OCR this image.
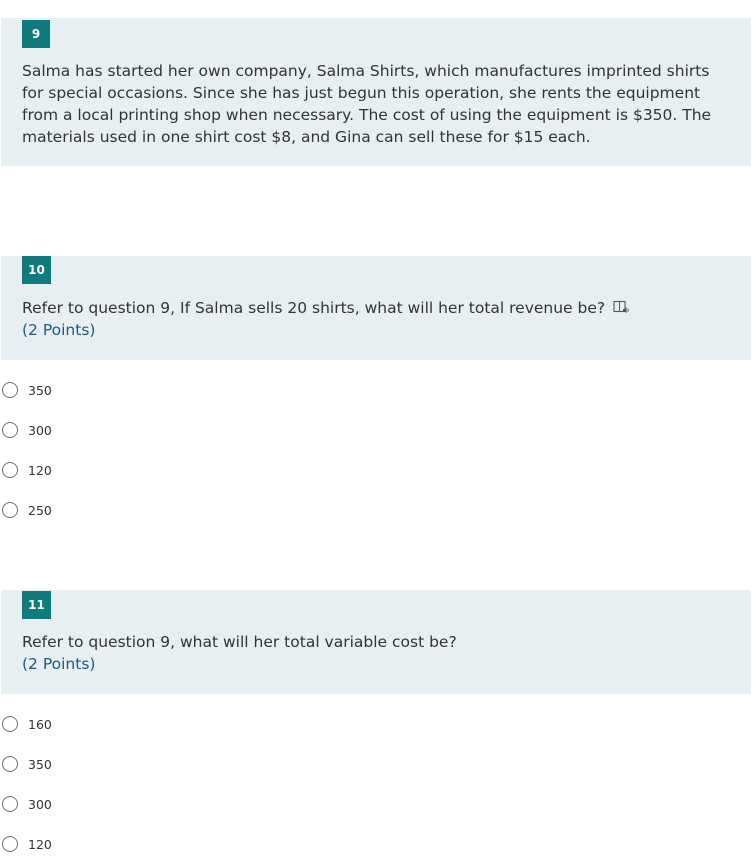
9
Salma has started her own company, Salma Shirts, which manufactures imprinted shirts for special occasions. Since she has just begun this operation, she rents the equipment from a local printing shop when necessary. The cost of using the equipment is $350. The materials used in one shirt cost $8, and Gina can sell these for $15 each.
10
Refer to question 9, If Salma sells 20 shirts, what will her total revenue be?
(2 Points)
350
300
120
250
11
Refer to question 9, what will her total variable cost be?
(2 Points)
160
350
300
120
